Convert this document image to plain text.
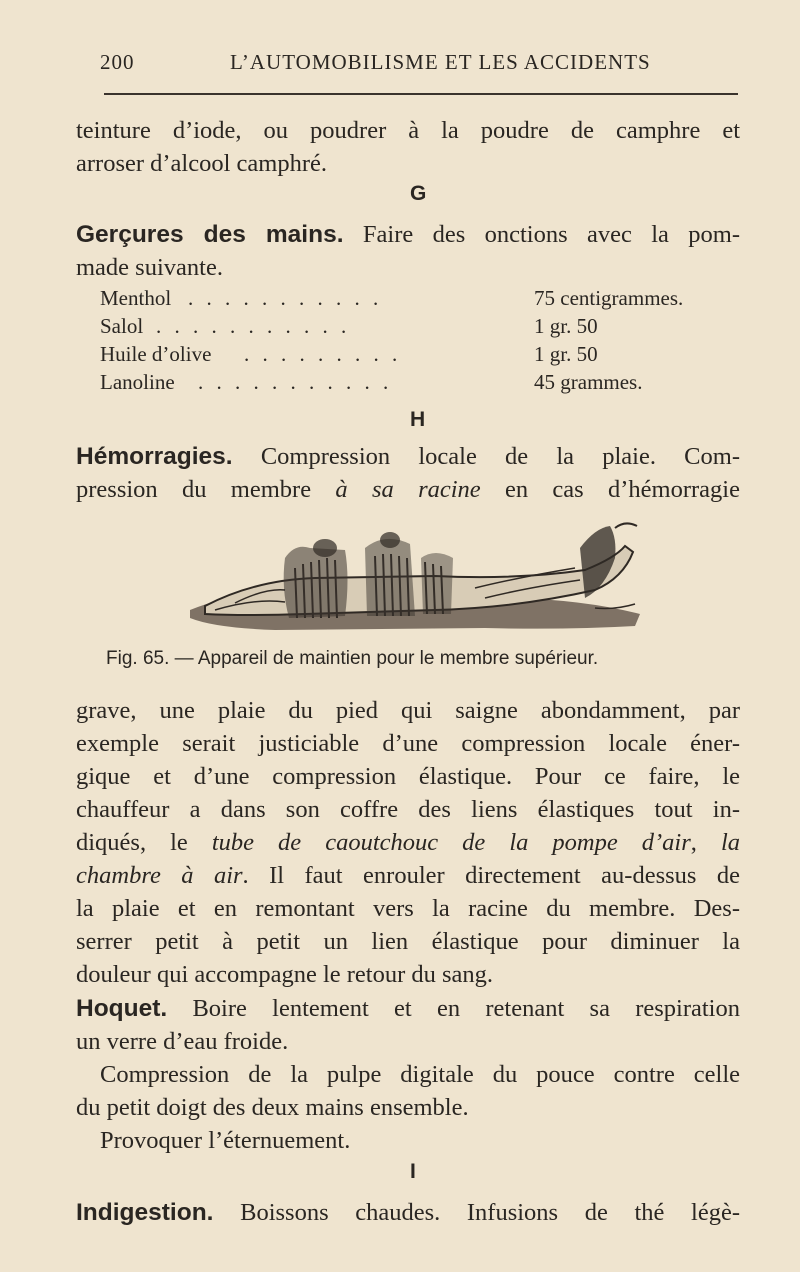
200	L’AUTOMOBILISME ET LES ACCIDENTS
teinture d’iode, ou poudrer à la poudre de camphre et
arroser d’alcool camphré.
G
Gerçures des mains. Faire des onctions avec la pom-
made suivante.
Menthol . . . . . . . . . . .	75 centigrammes.
Salol . . . . . . . . . . .	1 gr. 50
Huile d’olive . . . . . . . . .	1 gr. 50
Lanoline . . . . . . . . . . .	45 grammes.
H
Hémorragies. Compression locale de la plaie. Com-
pression du membre à sa racine en cas d’hémorragie
Fig. 65. — Appareil de maintien pour le membre supérieur.
grave, une plaie du pied qui saigne abondamment, par
exemple serait justiciable d’une compression locale éner-
gique et d’une compression élastique. Pour ce faire, le
chauffeur a dans son coffre des liens élastiques tout in-
diqués, le tube de caoutchouc de la pompe d’air, la
chambre à air. Il faut enrouler directement au-dessus de
la plaie et en remontant vers la racine du membre. Des-
serrer petit à petit un lien élastique pour diminuer la
douleur qui accompagne le retour du sang.
Hoquet. Boire lentement et en retenant sa respiration
un verre d’eau froide.
Compression de la pulpe digitale du pouce contre celle
du petit doigt des deux mains ensemble.
Provoquer l’éternuement.
I
Indigestion. Boissons chaudes. Infusions de thé légè-
